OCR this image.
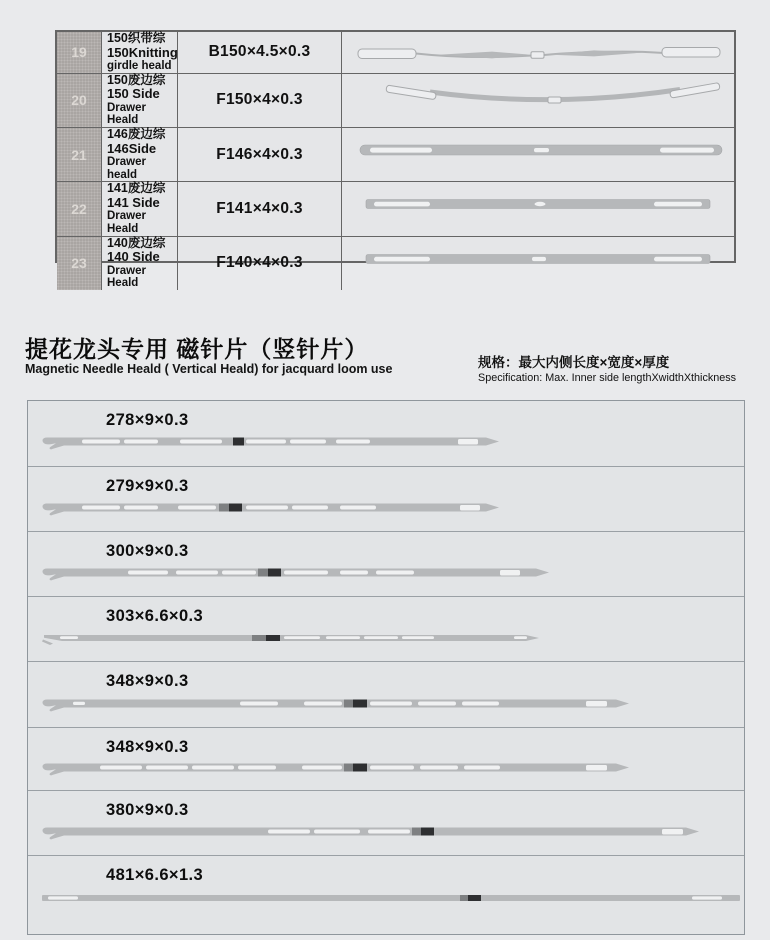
19
150织带综
150Knitting
girdle heald
B150×4.5×0.3
20
150废边综
150 Side
Drawer Heald
F150×4×0.3
21
146废边综
146Side
Drawer heald
F146×4×0.3
22
141废边综
141 Side
Drawer Heald
F141×4×0.3
23
140废边综
140 Side
Drawer Heald
F140×4×0.3
提花龙头专用 磁针片（竖针片）
Magnetic Needle Heald ( Vertical Heald) for jacquard loom use	规格：最大内侧长度×宽度×厚度
Specification: Max. Inner side lengthXwidthXthickness
278×9×0.3
279×9×0.3
300×9×0.3
303×6.6×0.3
348×9×0.3
348×9×0.3
380×9×0.3
481×6.6×1.3
